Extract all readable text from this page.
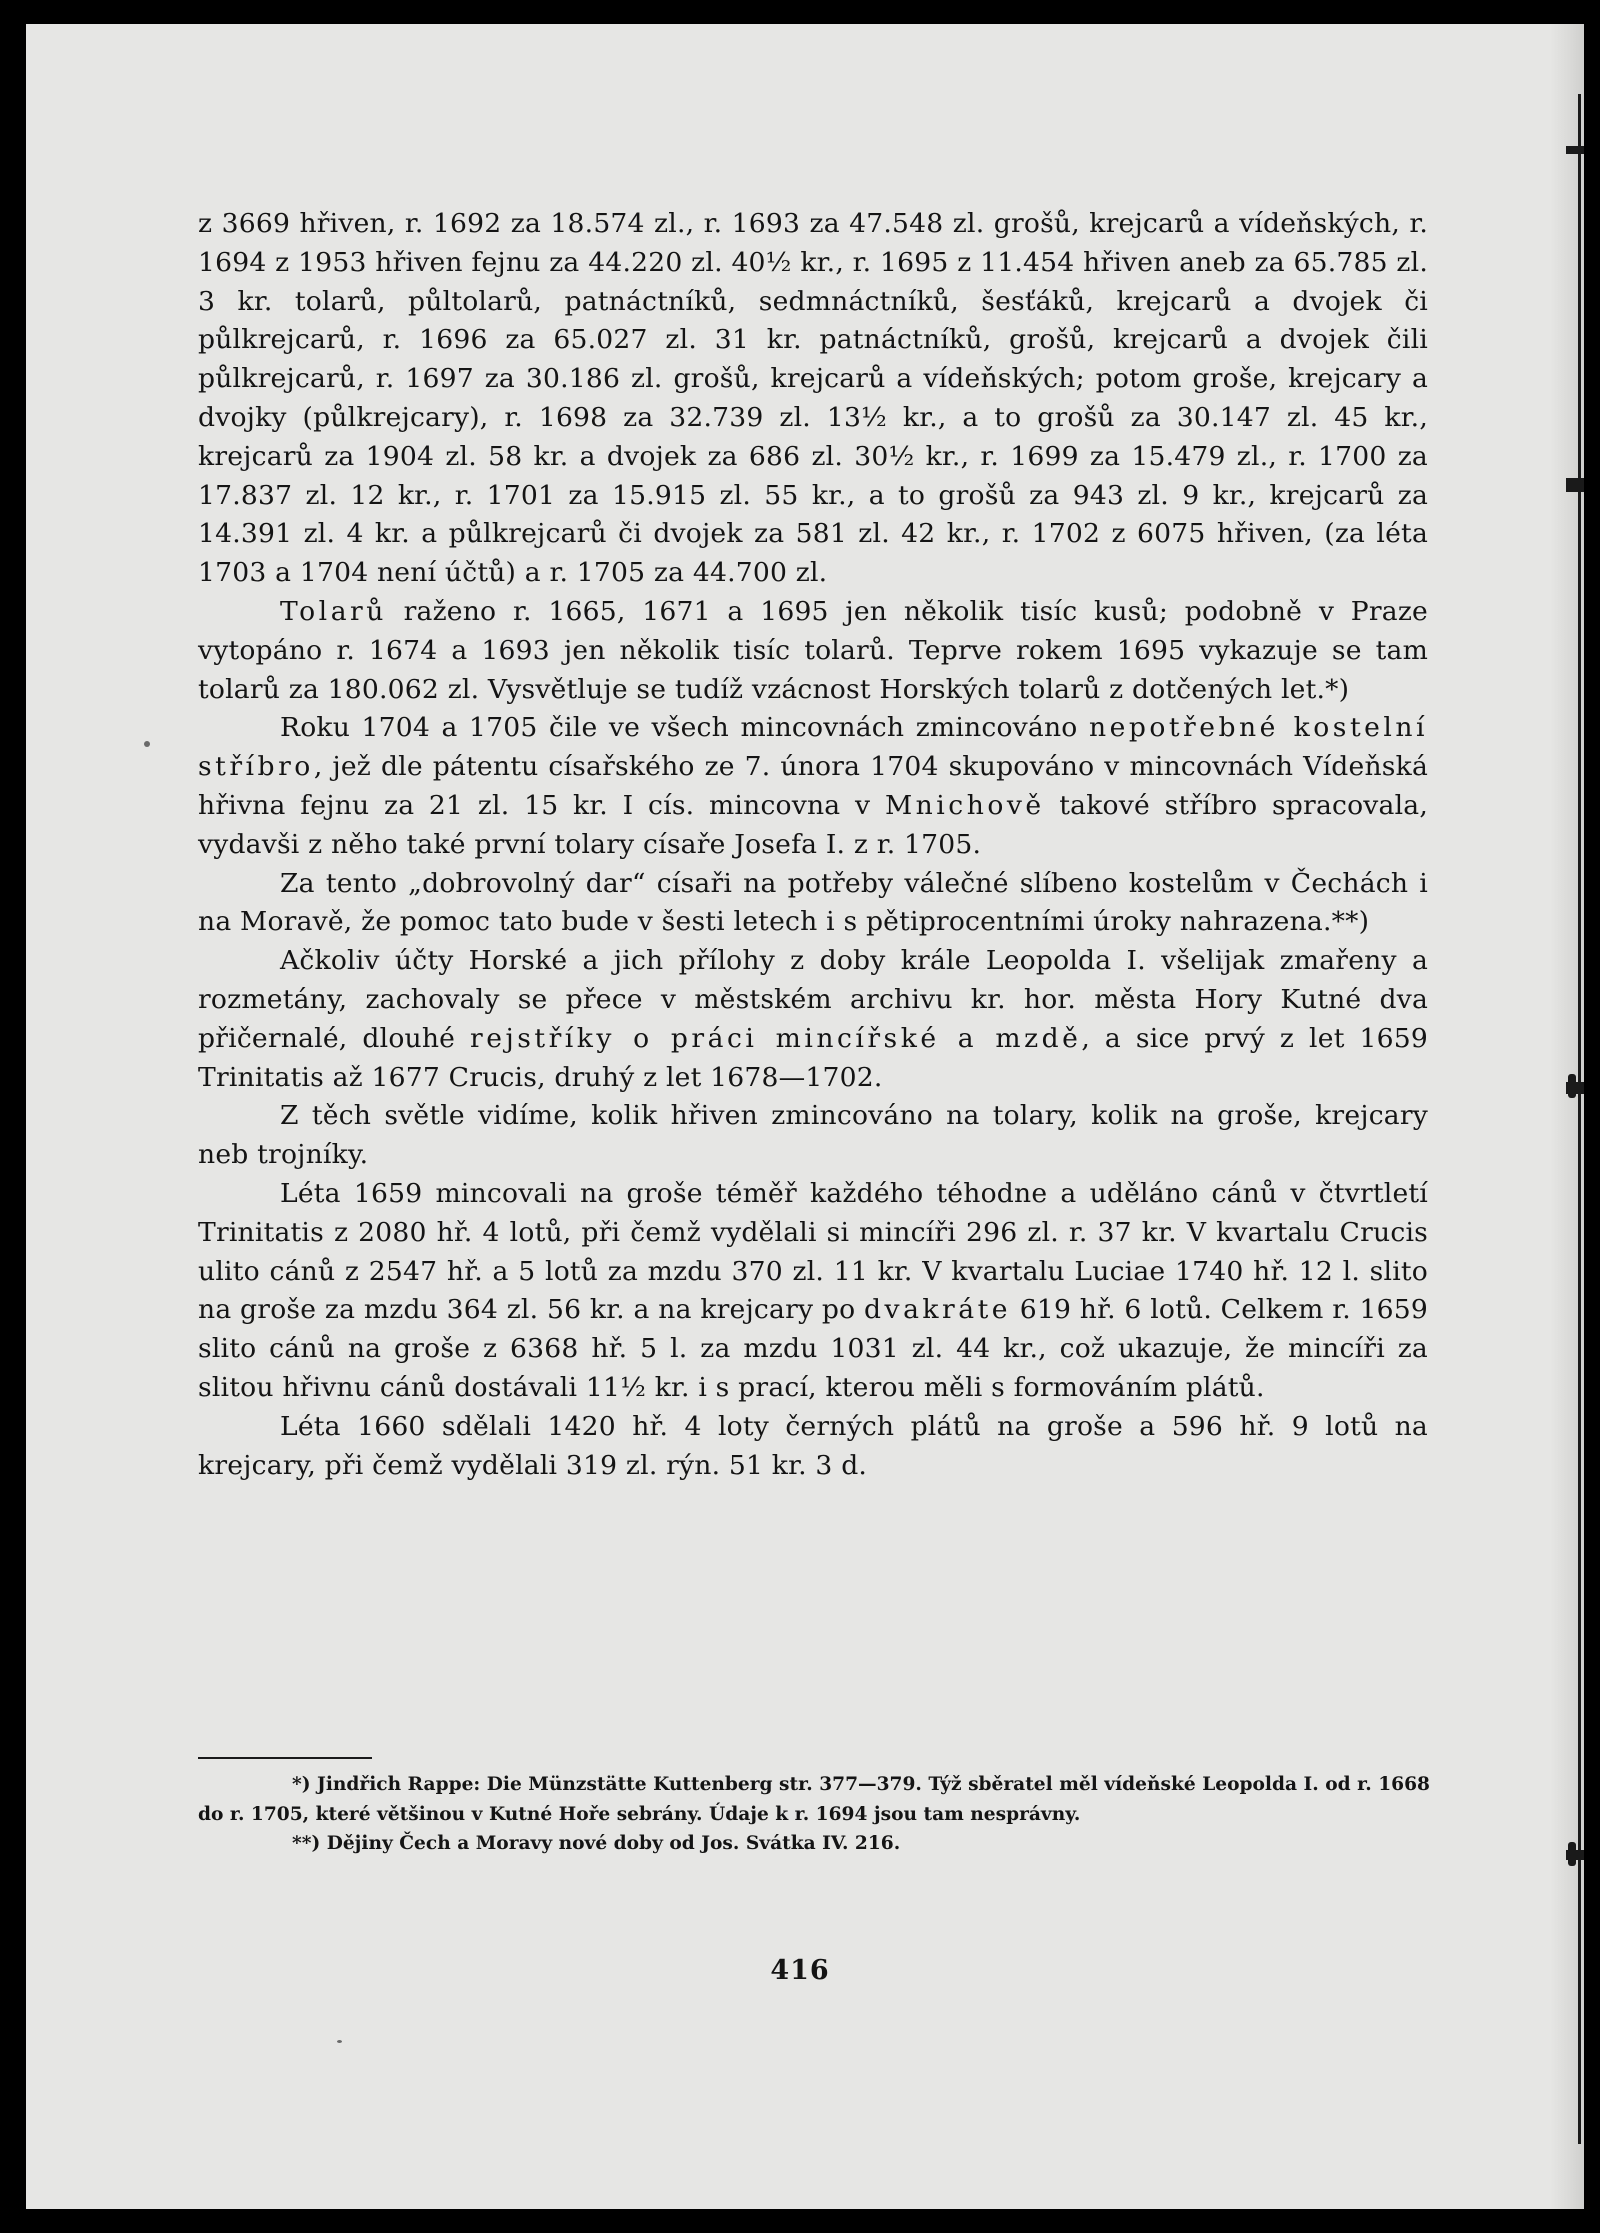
z 3669 hřiven, r. 1692 za 18.574 zl., r. 1693 za 47.548 zl. grošů, krejcarů a vídeňských, r. 1694 z 1953 hřiven fejnu za 44.220 zl. 40½ kr., r. 1695 z 11.454 hřiven aneb za 65.785 zl. 3 kr. tolarů, půltolarů, patnáctníků, sedmnáctníků, šesťáků, krejcarů a dvojek či půlkrejcarů, r. 1696 za 65.027 zl. 31 kr. patnáctníků, grošů, krejcarů a dvojek čili půlkrejcarů, r. 1697 za 30.186 zl. grošů, krejcarů a vídeňských; potom groše, krejcary a dvojky (půlkrejcary), r. 1698 za 32.739 zl. 13½ kr., a to grošů za 30.147 zl. 45 kr., krejcarů za 1904 zl. 58 kr. a dvojek za 686 zl. 30½ kr., r. 1699 za 15.479 zl., r. 1700 za 17.837 zl. 12 kr., r. 1701 za 15.915 zl. 55 kr., a to grošů za 943 zl. 9 kr., krejcarů za 14.391 zl. 4 kr. a půlkrejcarů či dvojek za 581 zl. 42 kr., r. 1702 z 6075 hřiven, (za léta 1703 a 1704 není účtů) a r. 1705 za 44.700 zl.

Tolarů raženo r. 1665, 1671 a 1695 jen několik tisíc kusů; podobně v Praze vytopáno r. 1674 a 1693 jen několik tisíc tolarů. Teprve rokem 1695 vykazuje se tam tolarů za 180.062 zl. Vysvětluje se tudíž vzácnost Horských tolarů z dotčených let.*)

Roku 1704 a 1705 čile ve všech mincovnách zmincováno nepotřebné kostelní stříbro, jež dle pátentu císařského ze 7. února 1704 skupováno v mincovnách Vídeňská hřivna fejnu za 21 zl. 15 kr. I cís. mincovna v Mnichově takové stříbro spracovala, vydavši z něho také první tolary císaře Josefa I. z r. 1705.

Za tento „dobrovolný dar“ císaři na potřeby válečné slíbeno kostelům v Čechách i na Moravě, že pomoc tato bude v šesti letech i s pětiprocentními úroky nahrazena.**)

Ačkoliv účty Horské a jich přílohy z doby krále Leopolda I. všelijak zmařeny a rozmetány, zachovaly se přece v městském archivu kr. hor. města Hory Kutné dva přičernalé, dlouhé rejstříky o práci mincířské a mzdě, a sice prvý z let 1659 Trinitatis až 1677 Crucis, druhý z let 1678—1702.

Z těch světle vidíme, kolik hřiven zmincováno na tolary, kolik na groše, krejcary neb trojníky.

Léta 1659 mincovali na groše téměř každého téhodne a uděláno cánů v čtvrtletí Trinitatis z 2080 hř. 4 lotů, při čemž vydělali si mincíři 296 zl. r. 37 kr. V kvartalu Crucis ulito cánů z 2547 hř. a 5 lotů za mzdu 370 zl. 11 kr. V kvartalu Luciae 1740 hř. 12 l. slito na groše za mzdu 364 zl. 56 kr. a na krejcary po dvakráte 619 hř. 6 lotů. Celkem r. 1659 slito cánů na groše z 6368 hř. 5 l. za mzdu 1031 zl. 44 kr., což ukazuje, že mincíři za slitou hřivnu cánů dostávali 11½ kr. i s prací, kterou měli s formováním plátů.

Léta 1660 sdělali 1420 hř. 4 loty černých plátů na groše a 596 hř. 9 lotů na krejcary, při čemž vydělali 319 zl. rýn. 51 kr. 3 d.

*) Jindřich Rappe: Die Münzstätte Kuttenberg str. 377—379. Týž sběratel měl vídeňské Leopolda I. od r. 1668 do r. 1705, které většinou v Kutné Hoře sebrány. Údaje k r. 1694 jsou tam nesprávny.

**) Dějiny Čech a Moravy nové doby od Jos. Svátka IV. 216.

416
